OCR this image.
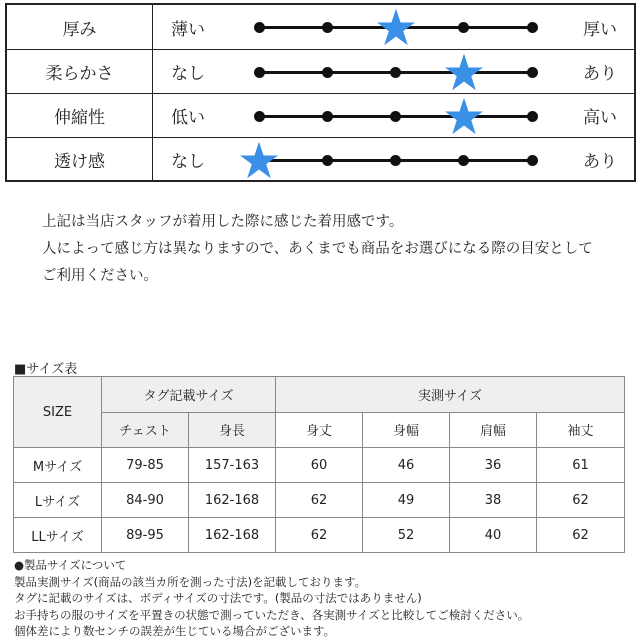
厚み	薄い	厚い
柔らかさ	なし	あり
伸縮性	低い	高い
透け感	なし	あり
上記は当店スタッフが着用した際に感じた着用感です。
人によって感じ方は異なりますので、あくまでも商品をお選びになる際の目安として
ご利用ください。
■サイズ表
SIZE	タグ記載サイズ		実測サイズ			
	チェスト	身長	身丈	身幅	肩幅	袖丈
Mサイズ	79-85	157-163	60	46	36	61
Lサイズ	84-90	162-168	62	49	38	62
LLサイズ	89-95	162-168	62	52	40	62
●製品サイズについて
製品実測サイズ(商品の該当カ所を測った寸法)を記載しております。
タグに記載のサイズは、ボディサイズの寸法です。(製品の寸法ではありません)
お手持ちの服のサイズを平置きの状態で測っていただき、各実測サイズと比較してご検討ください。
個体差により数センチの誤差が生じている場合がございます。
